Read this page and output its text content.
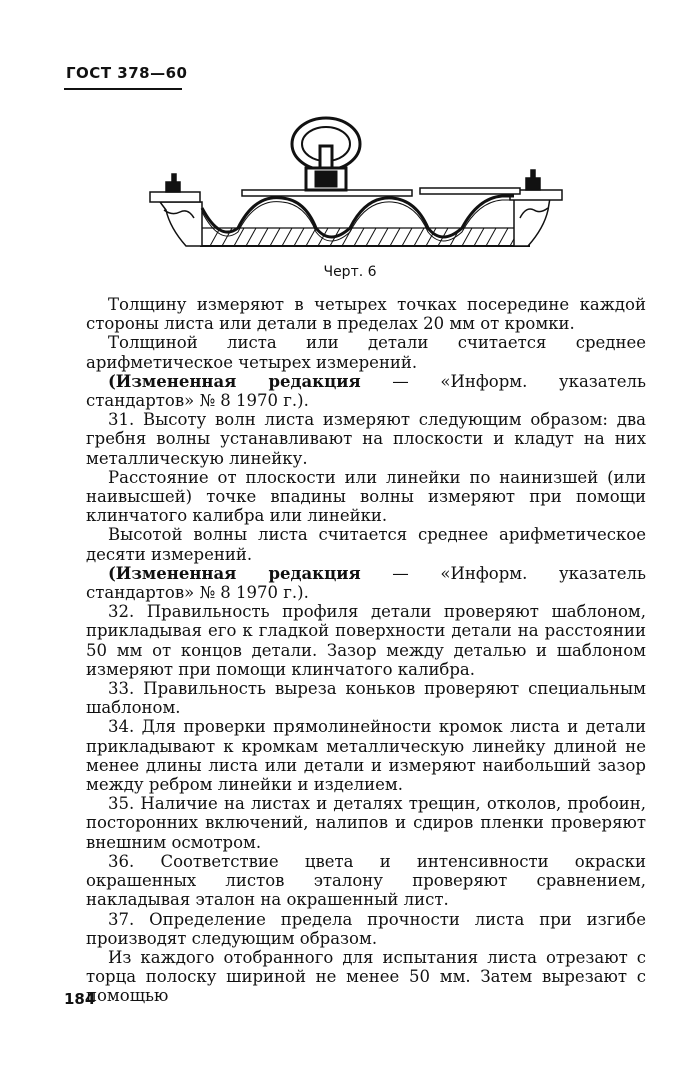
ГОСТ 378—60
Черт. 6

Толщину измеряют в четырех точках посередине каждой стороны листа или детали в пределах 20 мм от кромки.

Толщиной листа или детали считается среднее арифметическое четырех измерений.

(Измененная редакция — «Информ. указатель стандартов» № 8 1970 г.).

31. Высоту волн листа измеряют следующим образом: два гребня волны устанавливают на плоскости и кладут на них металлическую линейку.

Расстояние от плоскости или линейки по наинизшей (или наивысшей) точке впадины волны измеряют при помощи клинчатого калибра или линейки.

Высотой волны листа считается среднее арифметическое десяти измерений.

(Измененная редакция — «Информ. указатель стандартов» № 8 1970 г.).

32. Правильность профиля детали проверяют шаблоном, прикладывая его к гладкой поверхности детали на расстоянии 50 мм от концов детали. Зазор между деталью и шаблоном измеряют при помощи клинчатого калибра.

33. Правильность выреза коньков проверяют специальным шаблоном.

34. Для проверки прямолинейности кромок листа и детали прикладывают к кромкам металлическую линейку длиной не менее длины листа или детали и измеряют наибольший зазор между ребром линейки и изделием.

35. Наличие на листах и деталях трещин, отколов, пробоин, посторонних включений, налипов и сдиров пленки проверяют внешним осмотром.

36. Соответствие цвета и интенсивности окраски окрашенных листов эталону проверяют сравнением, накладывая эталон на окрашенный лист.

37. Определение предела прочности листа при изгибе производят следующим образом.

Из каждого отобранного для испытания листа отрезают с торца полоску шириной не менее 50 мм. Затем вырезают с помощью

184
